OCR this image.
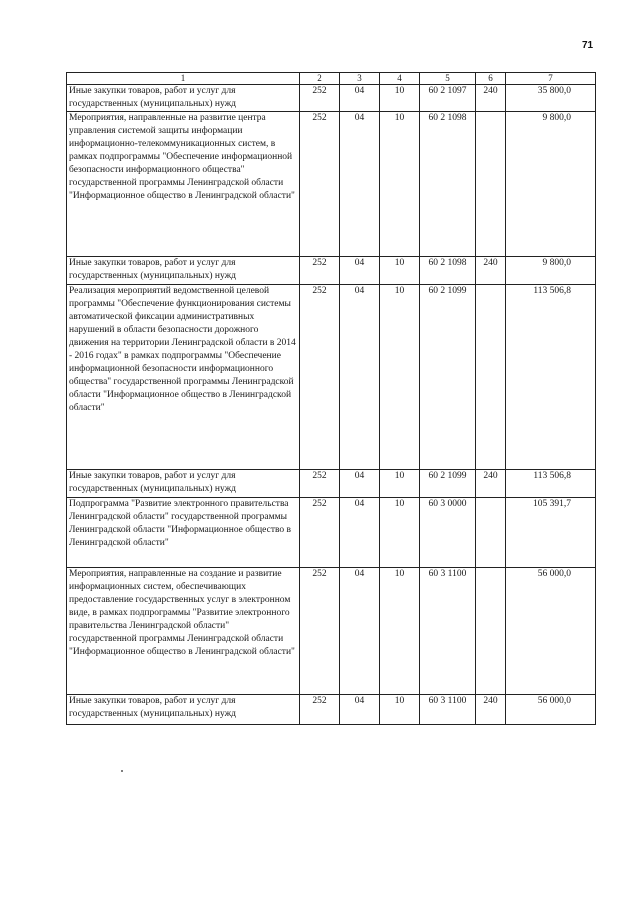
71
1	2	3	4	5	6	7
Иные закупки товаров, работ и услуг для государственных (муниципальных) нужд	252	04	10	60 2 1097	240	35 800,0
Мероприятия, направленные на развитие центра управления системой защиты информации информационно-телекоммуникационных систем, в рамках подпрограммы "Обеспечение информационной безопасности информационного общества" государственной программы Ленинградской области "Информационное общество в Ленинградской области"	252	04	10	60 2 1098		9 800,0
Иные закупки товаров, работ и услуг для государственных (муниципальных) нужд	252	04	10	60 2 1098	240	9 800,0
Реализация мероприятий ведомственной целевой программы "Обеспечение функционирования системы автоматической фиксации административных нарушений в области безопасности дорожного движения на территории Ленинградской области в 2014 - 2016 годах" в рамках подпрограммы "Обеспечение информационной безопасности информационного общества" государственной программы Ленинградской области "Информационное общество в Ленинградской области"	252	04	10	60 2 1099		113 506,8
Иные закупки товаров, работ и услуг для государственных (муниципальных) нужд	252	04	10	60 2 1099	240	113 506,8
Подпрограмма "Развитие электронного правительства Ленинградской области" государственной программы Ленинградской области "Информационное общество в Ленинградской области"	252	04	10	60 3 0000		105 391,7
Мероприятия, направленные на создание и развитие информационных систем, обеспечивающих предоставление государственных услуг в электронном виде, в рамках подпрограммы "Развитие электронного правительства Ленинградской области" государственной программы Ленинградской области "Информационное общество в Ленинградской области"	252	04	10	60 3 1100		56 000,0
Иные закупки товаров, работ и услуг для государственных (муниципальных) нужд	252	04	10	60 3 1100	240	56 000,0
